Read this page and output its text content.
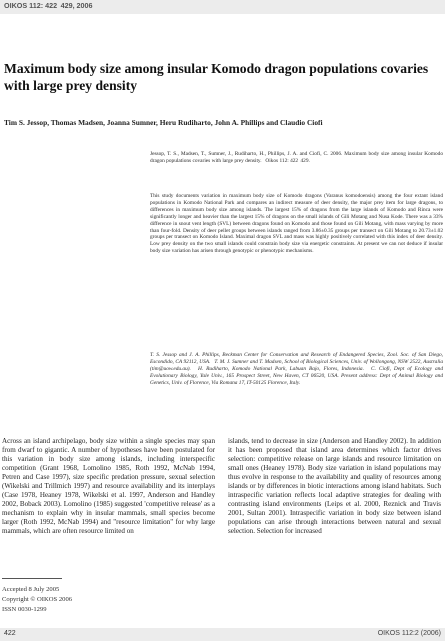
OIKOS 112: 422  429, 2006
Maximum body size among insular Komodo dragon populations covaries with large prey density
Tim S. Jessop, Thomas Madsen, Joanna Sumner, Heru Rudiharto, John A. Phillips and Claudio Ciofi
Jessop, T. S., Madsen, T., Sumner, J., Rudiharto, H., Phillips, J. A. and Ciofi, C. 2006. Maximum body size among insular Komodo dragon populations covaries with large prey density.   Oikos 112: 422  429.
This study documents variation in maximum body size of Komodo dragons (Varanus komodoensis) among the four extant island populations in Komodo National Park and compares an indirect measure of deer density, the major prey item for large dragons, to differences in maximum body size among islands. The largest 15% of dragons from the large islands of Komodo and Rinca were significantly longer and heavier than the largest 15% of dragons on the small islands of Gili Motang and Nusa Kode. There was a 33% difference in snout vent length (SVL) between dragons found on Komodo and those found on Gili Motang, with mass varying by more than four-fold. Density of deer pellet groups between islands ranged from 3.86±0.35 groups per transect on Gili Motang to 20.73±1.02 groups per transect on Komodo Island. Maximal dragon SVL and mass was highly positively correlated with this index of deer density. Low prey density on the two small islands could constrain body size via energetic constraints. At present we can not deduce if insular body size variation has arisen through genotypic or phenotypic mechanisms.
T. S. Jessop and J. A. Phillips, Beckman Center for Conservation and Research of Endangered Species, Zool. Soc. of San Diego, Escondido, CA 92112, USA.   T. M. J. Sumner and T. Madsen, School of Biological Sciences, Univ. of Wollongong, NSW 2522, Australia (tim@uow.edu.au).   H. Rudiharto, Komodo National Park, Labuan Bajo, Flores, Indonesia.   C. Ciofi, Dept of Ecology and Evolutionary Biology, Yale Univ., 165 Prospect Street, New Haven, CT 06520, USA. Present address: Dept of Animal Biology and Genetics, Univ. of Florence, Via Romana 17, IT-50125 Florence, Italy.

Across an island archipelago, body size within a single species may span from dwarf to gigantic. A number of hypotheses have been postulated for this variation in body size among islands, including interspecific competition (Grant 1968, Lomolino 1985, Roth 1992, McNab 1994, Petren and Case 1997), size specific predation pressure, sexual selection (Wikelski and Trillmich 1997) and resource availability and its interplays (Case 1978, Heaney 1978, Wikelski et al. 1997, Anderson and Handley 2002, Boback 2003). Lomolino (1985) suggested 'competitive release' as a mechanism to explain why in insular mammals, small species become larger (Roth 1992, McNab 1994) and "resource limitation" for why large mammals, which are often resource limited on

islands, tend to decrease in size (Anderson and Handley 2002). In addition it has been proposed that island area determines which factor drives selection: competitive release on large islands and resource limitation on small ones (Heaney 1978). Body size variation in island populations may thus evolve in response to the availability and quality of resources among islands or by differences in biotic interactions among island habitats. Such intraspecific variation reflects local adaptive strategies for dealing with contrasting island environments (Leips et al. 2000, Reznick and Travis 2001, Sultan 2001). Intraspecific variation in body size between island populations can arise through interactions between natural and sexual selection. Selection for increased

Accepted 8 July 2005
Copyright © OIKOS 2006
ISSN 0030-1299
422	OIKOS 112:2 (2006)
